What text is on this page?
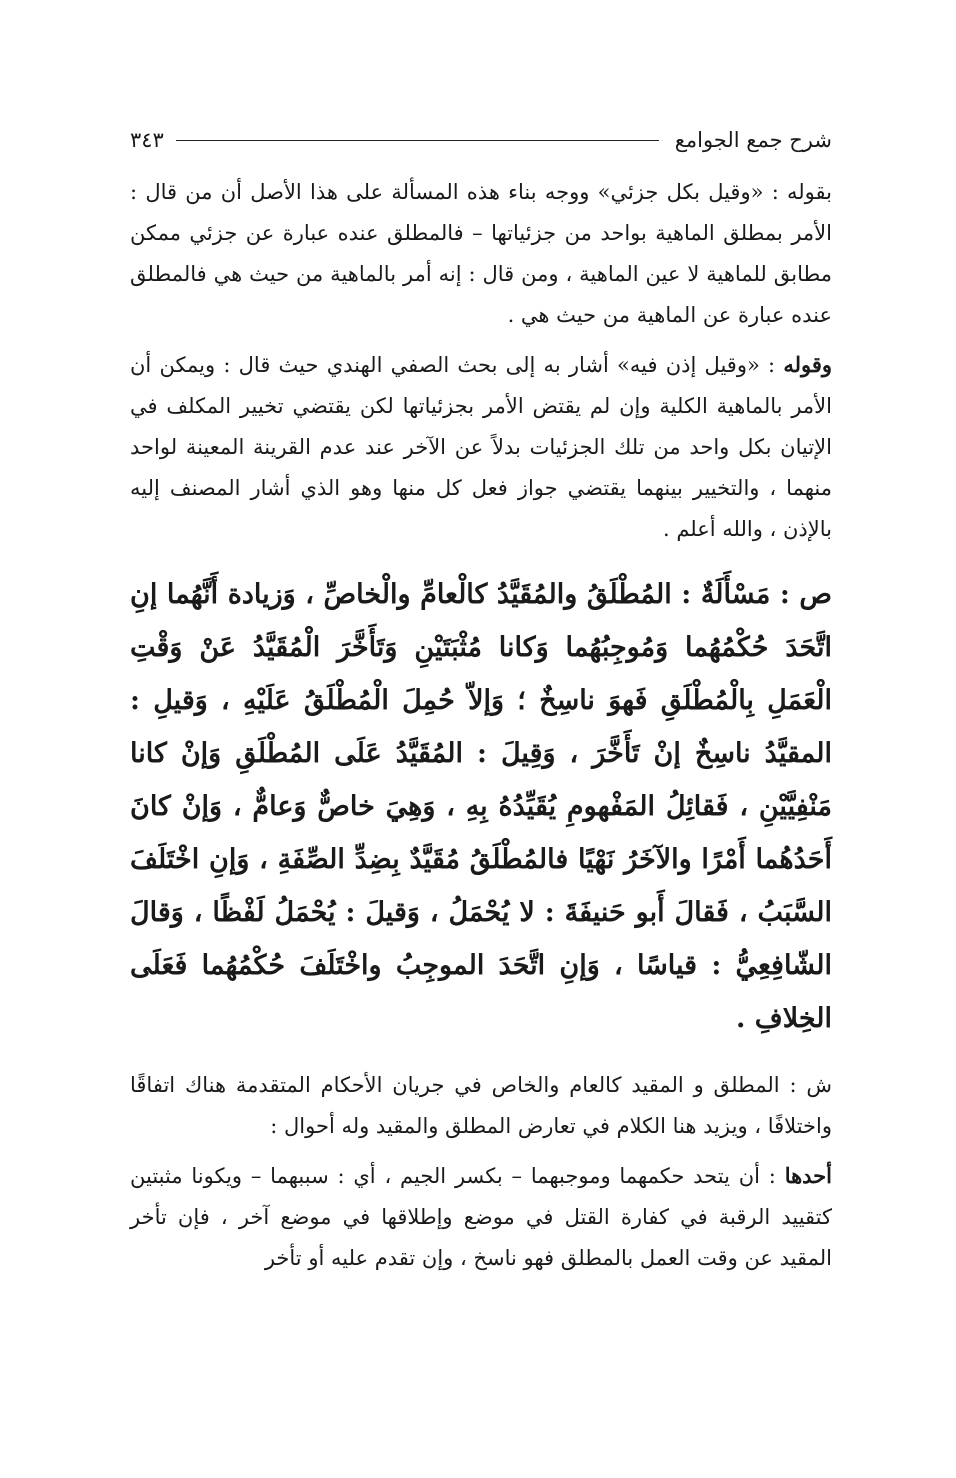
شرح جمع الجوامع
٣٤٣

بقوله : «وقيل بكل جزئي» ووجه بناء هذه المسألة على هذا الأصل أن من قال : الأمر بمطلق الماهية بواحد من جزئياتها – فالمطلق عنده عبارة عن جزئي ممكن مطابق للماهية لا عين الماهية ، ومن قال : إنه أمر بالماهية من حيث هي فالمطلق عنده عبارة عن الماهية من حيث هي .

وقوله : «وقيل إذن فيه» أشار به إلى بحث الصفي الهندي حيث قال : ويمكن أن الأمر بالماهية الكلية وإن لم يقتض الأمر بجزئياتها لكن يقتضي تخيير المكلف في الإتيان بكل واحد من تلك الجزئيات بدلاً عن الآخر عند عدم القرينة المعينة لواحد منهما ، والتخيير بينهما يقتضي جواز فعل كل منها وهو الذي أشار المصنف إليه بالإذن ، والله أعلم .

ص : مَسْأَلَةٌ : المُطْلَقُ والمُقَيَّدُ كالْعامِّ والْخاصِّ ، وَزيادة أَنَّهُما إنِ اتَّحَدَ حُكْمُهُما وَمُوجِبُهُما وَكانا مُثْبَتَيْنِ وَتَأَخَّرَ الْمُقَيَّدُ عَنْ وَقْتِ الْعَمَلِ بِالْمُطْلَقِ فَهوَ ناسِخٌ ؛ وَإلاّ حُمِلَ الْمُطْلَقُ عَلَيْهِ ، وَقيلِ : المقيَّدُ ناسِخٌ إنْ تَأَخَّرَ ، وَقِيلَ : المُقَيَّدُ عَلَى المُطْلَقِ وَإنْ كانا مَنْفِيَّيْنِ ، فَقائِلُ المَفْهومِ يُقَيِّدُهُ بِهِ ، وَهِيَ خاصٌّ وَعامٌّ ، وَإنْ كانَ أَحَدُهُما أَمْرًا والآخَرُ نَهْيًا فالمُطْلَقُ مُقَيَّدٌ بِضِدِّ الصِّفَةِ ، وَإنِ اخْتَلَفَ السَّبَبُ ، فَقالَ أَبو حَنيفَةَ : لا يُحْمَلُ ، وَقيلَ : يُحْمَلُ لَفْظًا ، وَقالَ الشّافِعِيُّ : قياسًا ، وَإنِ اتَّحَدَ الموجِبُ واخْتَلَفَ حُكْمُهُما فَعَلَى الخِلافِ .

ش : المطلق و المقيد كالعام والخاص في جريان الأحكام المتقدمة هناك اتفاقًا واختلافًا ، ويزيد هنا الكلام في تعارض المطلق والمقيد وله أحوال :

أحدها : أن يتحد حكمهما وموجبهما – بكسر الجيم ، أي : سببهما – ويكونا مثبتين كتقييد الرقبة في كفارة القتل في موضع وإطلاقها في موضع آخر ، فإن تأخر المقيد عن وقت العمل بالمطلق فهو ناسخ ، وإن تقدم عليه أو تأخر
